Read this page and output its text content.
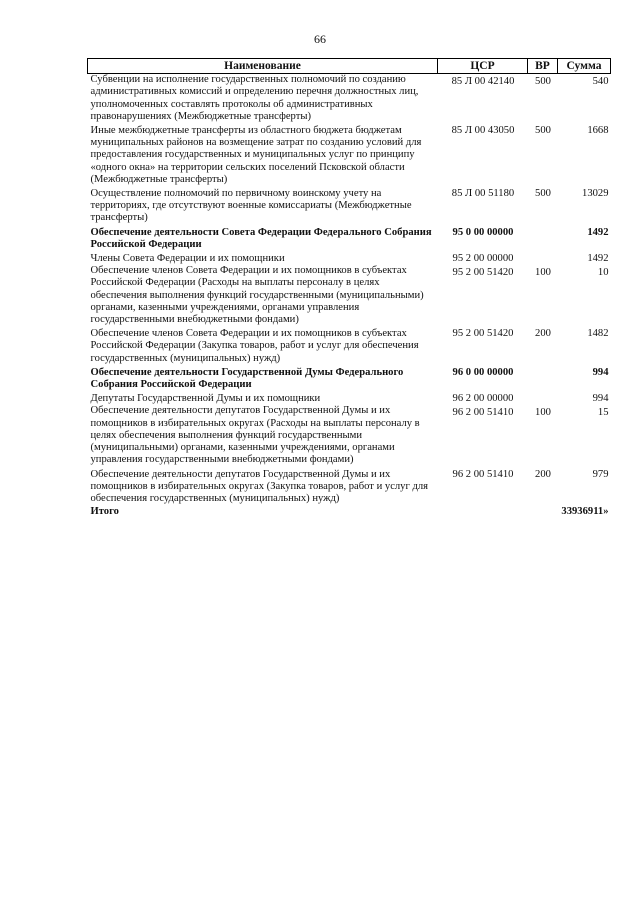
66
Наименование	ЦСР	ВР	Сумма
Субвенции на исполнение государственных полномочий по созданию административных комиссий и определению перечня должностных лиц, уполномоченных составлять протоколы об административных правонарушениях (Межбюджетные трансферты)	85 Л 00 42140	500	540
Иные межбюджетные трансферты из областного бюджета бюджетам муниципальных районов на возмещение затрат по созданию условий для предоставления государственных и муниципальных услуг по принципу «одного окна» на территории сельских поселений Псковской области (Межбюджетные трансферты)	85 Л 00 43050	500	1668
Осуществление полномочий по первичному воинскому учету на территориях, где отсутствуют военные комиссариаты (Межбюджетные трансферты)	85 Л 00 51180	500	13029
Обеспечение деятельности Совета Федерации Федерального Собрания Российской Федерации	95 0 00 00000		1492
Члены Совета Федерации и их помощники	95 2 00 00000		1492
Обеспечение членов Совета Федерации и их помощников в субъектах Российской Федерации (Расходы на выплаты персоналу в целях обеспечения выполнения функций государственными (муниципальными) органами, казенными учреждениями, органами управления государственными внебюджетными фондами)	95 2 00 51420	100	10
Обеспечение членов Совета Федерации и их помощников в субъектах Российской Федерации (Закупка товаров, работ и услуг для обеспечения государственных (муниципальных) нужд)	95 2 00 51420	200	1482
Обеспечение деятельности Государственной Думы Федерального Собрания Российской Федерации	96 0 00 00000		994
Депутаты Государственной Думы и их помощники	96 2 00 00000		994
Обеспечение деятельности депутатов Государственной Думы и их помощников в избирательных округах (Расходы на выплаты персоналу в целях обеспечения выполнения функций государственными (муниципальными) органами, казенными учреждениями, органами управления государственными внебюджетными фондами)	96 2 00 51410	100	15
Обеспечение деятельности депутатов Государственной Думы и их помощников в избирательных округах (Закупка товаров, работ и услуг для обеспечения государственных (муниципальных) нужд)	96 2 00 51410	200	979
Итого			33936911»
